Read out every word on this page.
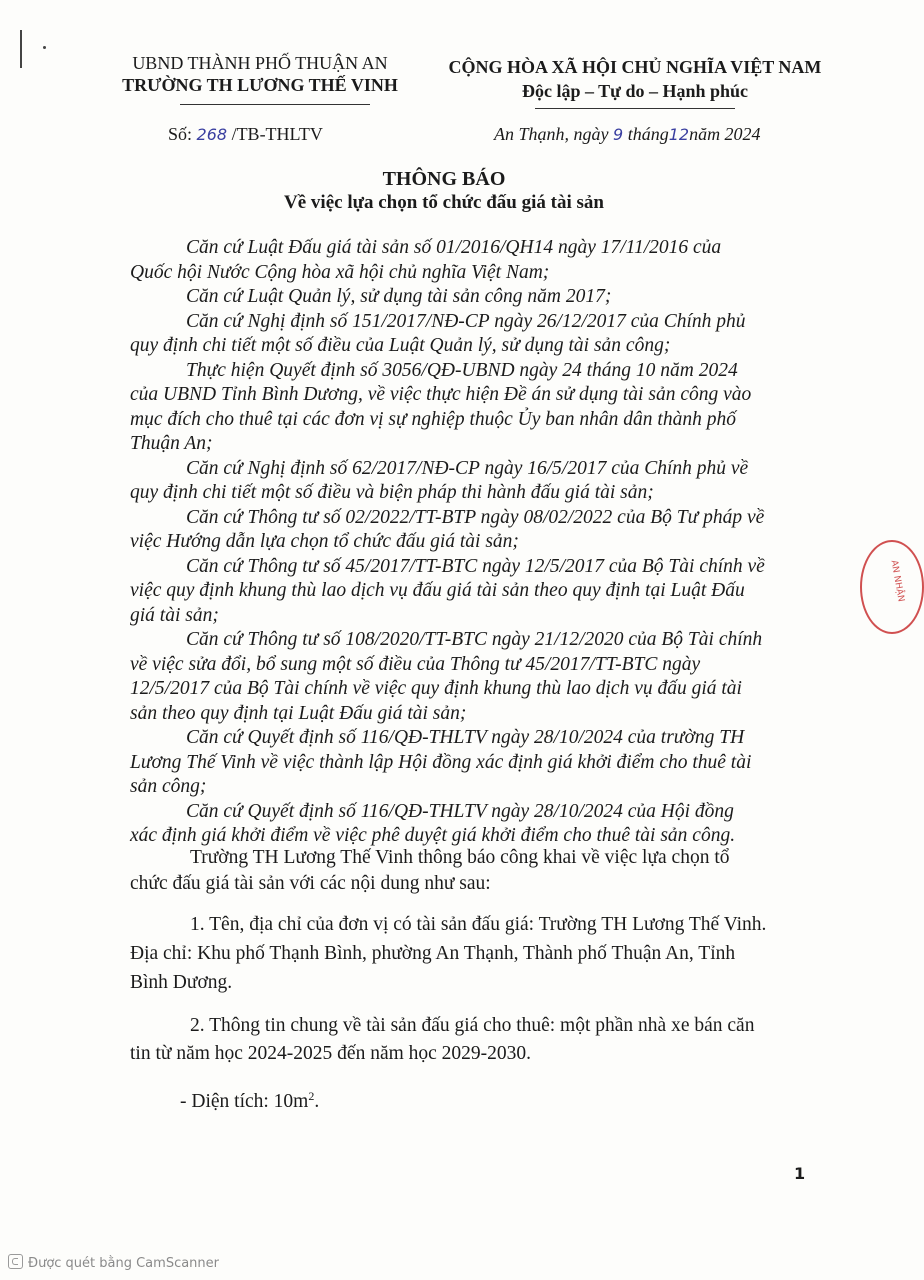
UBND THÀNH PHỐ THUẬN AN
TRƯỜNG TH LƯƠNG THẾ VINH
CỘNG HÒA XÃ HỘI CHỦ NGHĨA VIỆT NAM
Độc lập – Tự do – Hạnh phúc
Số: 268 /TB-THLTV	An Thạnh, ngày 9 tháng12năm 2024
THÔNG BÁO
Về việc lựa chọn tổ chức đấu giá tài sản
Căn cứ Luật Đấu giá tài sản số 01/2016/QH14 ngày 17/11/2016 của
Quốc hội Nước Cộng hòa xã hội chủ nghĩa Việt Nam;
Căn cứ Luật Quản lý, sử dụng tài sản công năm 2017;
Căn cứ Nghị định số 151/2017/NĐ-CP ngày 26/12/2017 của Chính phủ
quy định chi tiết một số điều của Luật Quản lý, sử dụng tài sản công;
Thực hiện Quyết định số 3056/QĐ-UBND ngày 24 tháng 10 năm 2024
của UBND Tỉnh Bình Dương, về việc thực hiện Đề án sử dụng tài sản công vào
mục đích cho thuê tại các đơn vị sự nghiệp thuộc Ủy ban nhân dân thành phố
Thuận An;
Căn cứ Nghị định số 62/2017/NĐ-CP ngày 16/5/2017 của Chính phủ về
quy định chi tiết một số điều và biện pháp thi hành đấu giá tài sản;
Căn cứ Thông tư số 02/2022/TT-BTP ngày 08/02/2022 của Bộ Tư pháp về
việc Hướng dẫn lựa chọn tổ chức đấu giá tài sản;
Căn cứ Thông tư số 45/2017/TT-BTC ngày 12/5/2017 của Bộ Tài chính về
việc quy định khung thù lao dịch vụ đấu giá tài sản theo quy định tại Luật Đấu
giá tài sản;
Căn cứ Thông tư số 108/2020/TT-BTC ngày 21/12/2020 của Bộ Tài chính
về việc sửa đổi, bổ sung một số điều của Thông tư 45/2017/TT-BTC ngày
12/5/2017 của Bộ Tài chính về việc quy định khung thù lao dịch vụ đấu giá tài
sản theo quy định tại Luật Đấu giá tài sản;
Căn cứ Quyết định số 116/QĐ-THLTV ngày 28/10/2024 của trường TH
Lương Thế Vinh về việc thành lập Hội đồng xác định giá khởi điểm cho thuê tài
sản công;
Căn cứ Quyết định số 116/QĐ-THLTV ngày 28/10/2024 của Hội đồng
xác định giá khởi điểm về việc phê duyệt giá khởi điểm cho thuê tài sản công.
Trường TH Lương Thế Vinh thông báo công khai về việc lựa chọn tổ
chức đấu giá tài sản với các nội dung như sau:
1. Tên, địa chỉ của đơn vị có tài sản đấu giá: Trường TH Lương Thế Vinh.
Địa chỉ: Khu phố Thạnh Bình, phường An Thạnh, Thành phố Thuận An, Tỉnh
Bình Dương.
2. Thông tin chung về tài sản đấu giá cho thuê: một phần nhà xe bán căn
tin từ năm học 2024-2025 đến năm học 2029-2030.
- Diện tích: $10m^2$.
1
AN NHẬN
Được quét bằng CamScanner
